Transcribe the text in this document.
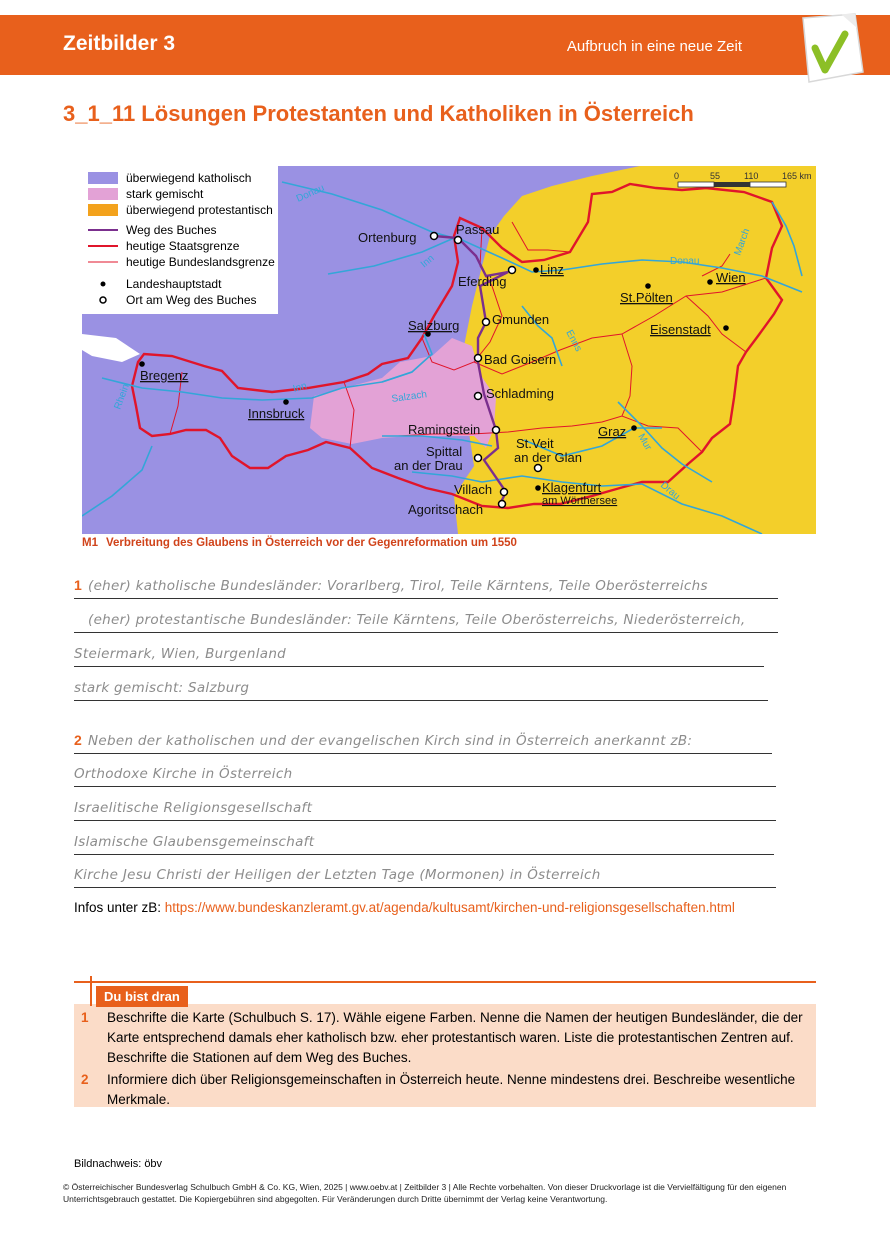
Zeitbilder 3	Aufbruch in eine neue Zeit
3_1_11 Lösungen Protestanten und Katholiken in Österreich
überwiegend katholisch
stark gemischt
überwiegend protestantisch
Weg des Buches
heutige Staatsgrenze
heutige Bundeslandsgrenze
Landeshauptstadt
Ort am Weg des Buches
0	55	110	165 km
Donau
Donau
Inn
Inn
Enns
Salzach
Mur
Drau
March
Rhein
Ortenburg
Passau
Linz
Eferding	Wien
St.Pölten
Salzburg	Gmunden
Eisenstadt
Bregenz
Bad Goisern
Schladming
Innsbruck
Ramingstein	Graz
St.Veit
an der Glan
Spittal
an der Drau
Villach	Klagenfurt
Agoritschach
am Wörthersee
M1 Verbreitung des Glaubens in Österreich vor der Gegenreformation um 1550
1 (eher) katholische Bundesländer: Vorarlberg, Tirol, Teile Kärntens, Teile Oberösterreichs
(eher) protestantische Bundesländer: Teile Kärntens, Teile Oberösterreichs, Niederösterreich,
Steiermark, Wien, Burgenland
stark gemischt: Salzburg
2 Neben der katholischen und der evangelischen Kirch sind in Österreich anerkannt zB:
Orthodoxe Kirche in Österreich
Israelitische Religionsgesellschaft
Islamische Glaubensgemeinschaft
Kirche Jesu Christi der Heiligen der Letzten Tage (Mormonen) in Österreich
Infos unter zB: https://www.bundeskanzleramt.gv.at/agenda/kultusamt/kirchen-und-religionsgesellschaften.html
Du bist dran
1 Beschrifte die Karte (Schulbuch S. 17). Wähle eigene Farben. Nenne die Namen der heutigen Bundesländer, die der Karte entsprechend damals eher katholisch bzw. eher protestantisch waren. Liste die protestantischen Zentren auf. Beschrifte die Stationen auf dem Weg des Buches.
2 Informiere dich über Religionsgemeinschaften in Österreich heute. Nenne mindestens drei. Beschreibe wesentliche Merkmale.
Bildnachweis: öbv
© Österreichischer Bundesverlag Schulbuch GmbH & Co. KG, Wien, 2025 | www.oebv.at | Zeitbilder 3 | Alle Rechte vorbehalten. Von dieser Druckvorlage ist die Vervielfältigung für den eigenen Unterrichtsgebrauch gestattet. Die Kopiergebühren sind abgegolten. Für Veränderungen durch Dritte übernimmt der Verlag keine Verantwortung.
